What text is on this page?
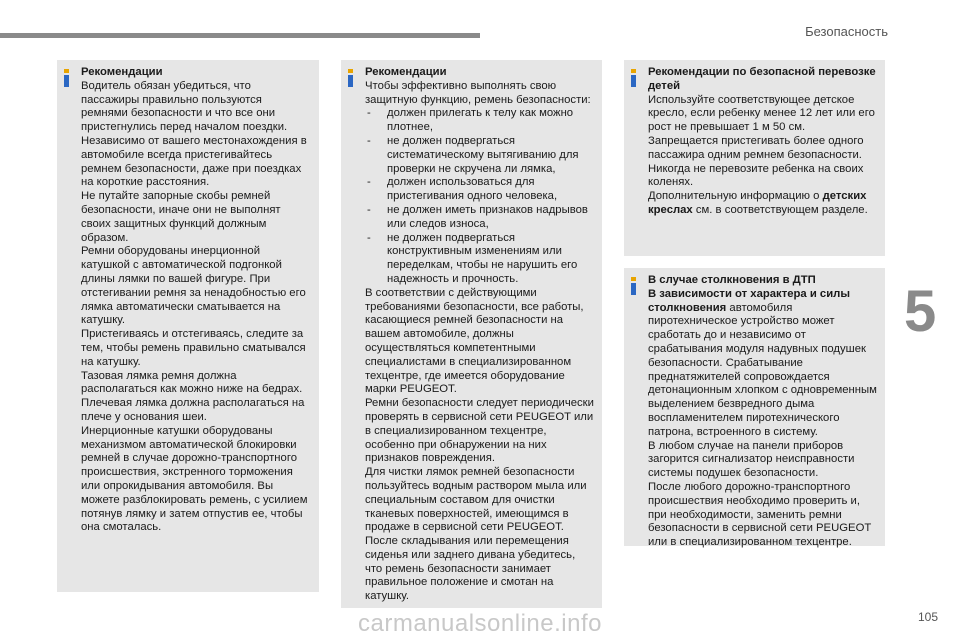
Безопасность
5
Рекомендации

Водитель обязан убедиться, что пассажиры правильно пользуются ремнями безопасности и что все они пристегнулись перед началом поездки.

Независимо от вашего местонахождения в автомобиле всегда пристегивайтесь ремнем безопасности, даже при поездках на короткие расстояния.

Не путайте запорные скобы ремней безопасности, иначе они не выполнят своих защитных функций должным образом.

Ремни оборудованы инерционной катушкой с автоматической подгонкой длины лямки по вашей фигуре. При отстегивании ремня за ненадобностью его лямка автоматически сматывается на катушку.

Пристегиваясь и отстегиваясь, следите за тем, чтобы ремень правильно сматывался на катушку.

Тазовая лямка ремня должна располагаться как можно ниже на бедрах.

Плечевая лямка должна располагаться на плече у основания шеи.

Инерционные катушки оборудованы механизмом автоматической блокировки ремней в случае дорожно-транспортного происшествия, экстренного торможения или опрокидывания автомобиля. Вы можете разблокировать ремень, с усилием потянув лямку и затем отпустив ее, чтобы она смоталась.

Рекомендации

Чтобы эффективно выполнять свою защитную функцию, ремень безопасности:

- должен прилегать к телу как можно плотнее,
- не должен подвергаться систематическому вытягиванию для проверки не скручена ли лямка,
- должен использоваться для пристегивания одного человека,
- не должен иметь признаков надрывов или следов износа,
- не должен подвергаться конструктивным изменениям или переделкам, чтобы не нарушить его надежность и прочность.

В соответствии с действующими требованиями безопасности, все работы, касающиеся ремней безопасности на вашем автомобиле, должны осуществляться компетентными специалистами в специализированном техцентре, где имеется оборудование марки PEUGEOT.

Ремни безопасности следует периодически проверять в сервисной сети PEUGEOT или в специализированном техцентре, особенно при обнаружении на них признаков повреждения.

Для чистки лямок ремней безопасности пользуйтесь водным раствором мыла или специальным составом для очистки тканевых поверхностей, имеющимся в продаже в сервисной сети PEUGEOT.

После складывания или перемещения сиденья или заднего дивана убедитесь, что ремень безопасности занимает правильное положение и смотан на катушку.

Рекомендации по безопасной перевозке детей

Используйте соответствующее детское кресло, если ребенку менее 12 лет или его рост не превышает 1 м 50 см.

Запрещается пристегивать более одного пассажира одним ремнем безопасности.

Никогда не перевозите ребенка на своих коленях.

Дополнительную информацию о детских креслах см. в соответствующем разделе.

В случае столкновения в ДТП

В зависимости от характера и силы столкновения автомобиля пиротехническое устройство может сработать до и независимо от срабатывания модуля надувных подушек безопасности. Срабатывание преднатяжителей сопровождается детонационным хлопком с одновременным выделением безвредного дыма воспламенителем пиротехнического патрона, встроенного в систему.

В любом случае на панели приборов загорится сигнализатор неисправности системы подушек безопасности.

После любого дорожно-транспортного происшествия необходимо проверить и, при необходимости, заменить ремни безопасности в сервисной сети PEUGEOT или в специализированном техцентре.

105
carmanualsonline.info
